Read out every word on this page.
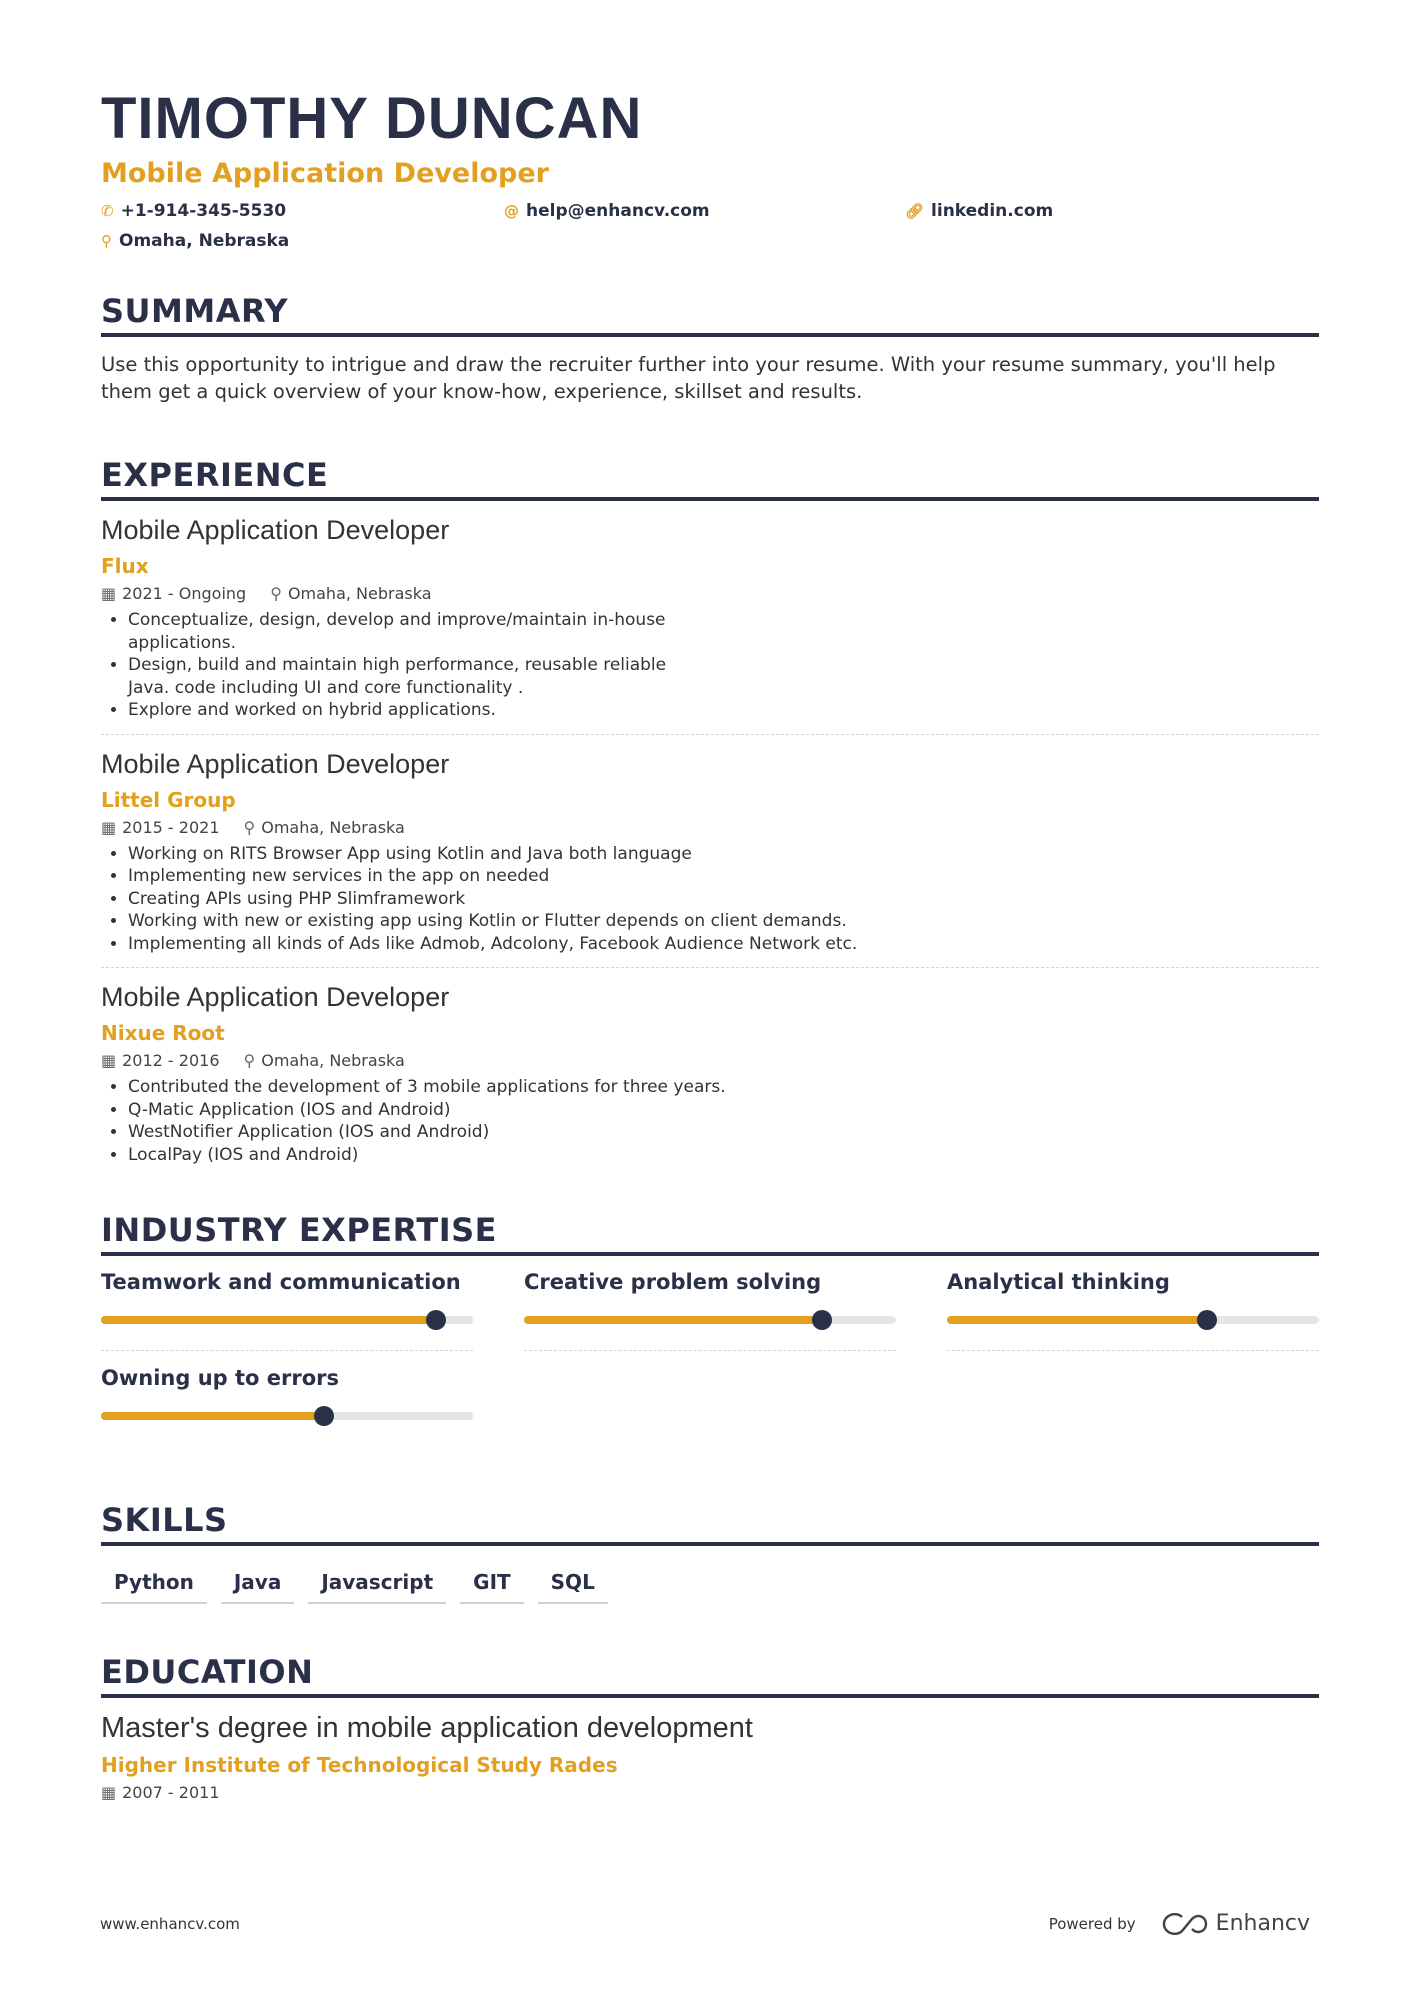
TIMOTHY DUNCAN
Mobile Application Developer
✆ +1-914-345-5530	@ help@enhancv.com	🔗︎ linkedin.com
⚲ Omaha, Nebraska
SUMMARY

Use this opportunity to intrigue and draw the recruiter further into your resume. With your resume summary, you'll help them get a quick overview of your know-how, experience, skillset and results.

EXPERIENCE
Mobile Application Developer
Flux
▦ 2021 - Ongoing ⚲ Omaha, Nebraska
• Conceptualize, design, develop and improve/maintain in-house applications.
• Design, build and maintain high performance, reusable reliable Java. code including UI and core functionality .
• Explore and worked on hybrid applications.
Mobile Application Developer
Littel Group
▦ 2015 - 2021 ⚲ Omaha, Nebraska
• Working on RITS Browser App using Kotlin and Java both language
• Implementing new services in the app on needed
• Creating APIs using PHP Slimframework
• Working with new or existing app using Kotlin or Flutter depends on client demands.
• Implementing all kinds of Ads like Admob, Adcolony, Facebook Audience Network etc.
Mobile Application Developer
Nixue Root
▦ 2012 - 2016 ⚲ Omaha, Nebraska
• Contributed the development of 3 mobile applications for three years.
• Q-Matic Application (IOS and Android)
• WestNotifier Application (IOS and Android)
• LocalPay (IOS and Android)
INDUSTRY EXPERTISE
Teamwork and communication	Creative problem solving	Analytical thinking
Owning up to errors
SKILLS
Python	Java	Javascript	GIT	SQL
EDUCATION
Master's degree in mobile application development
Higher Institute of Technological Study Rades
▦ 2007 - 2011
www.enhancv.com	Powered by	Enhancv
